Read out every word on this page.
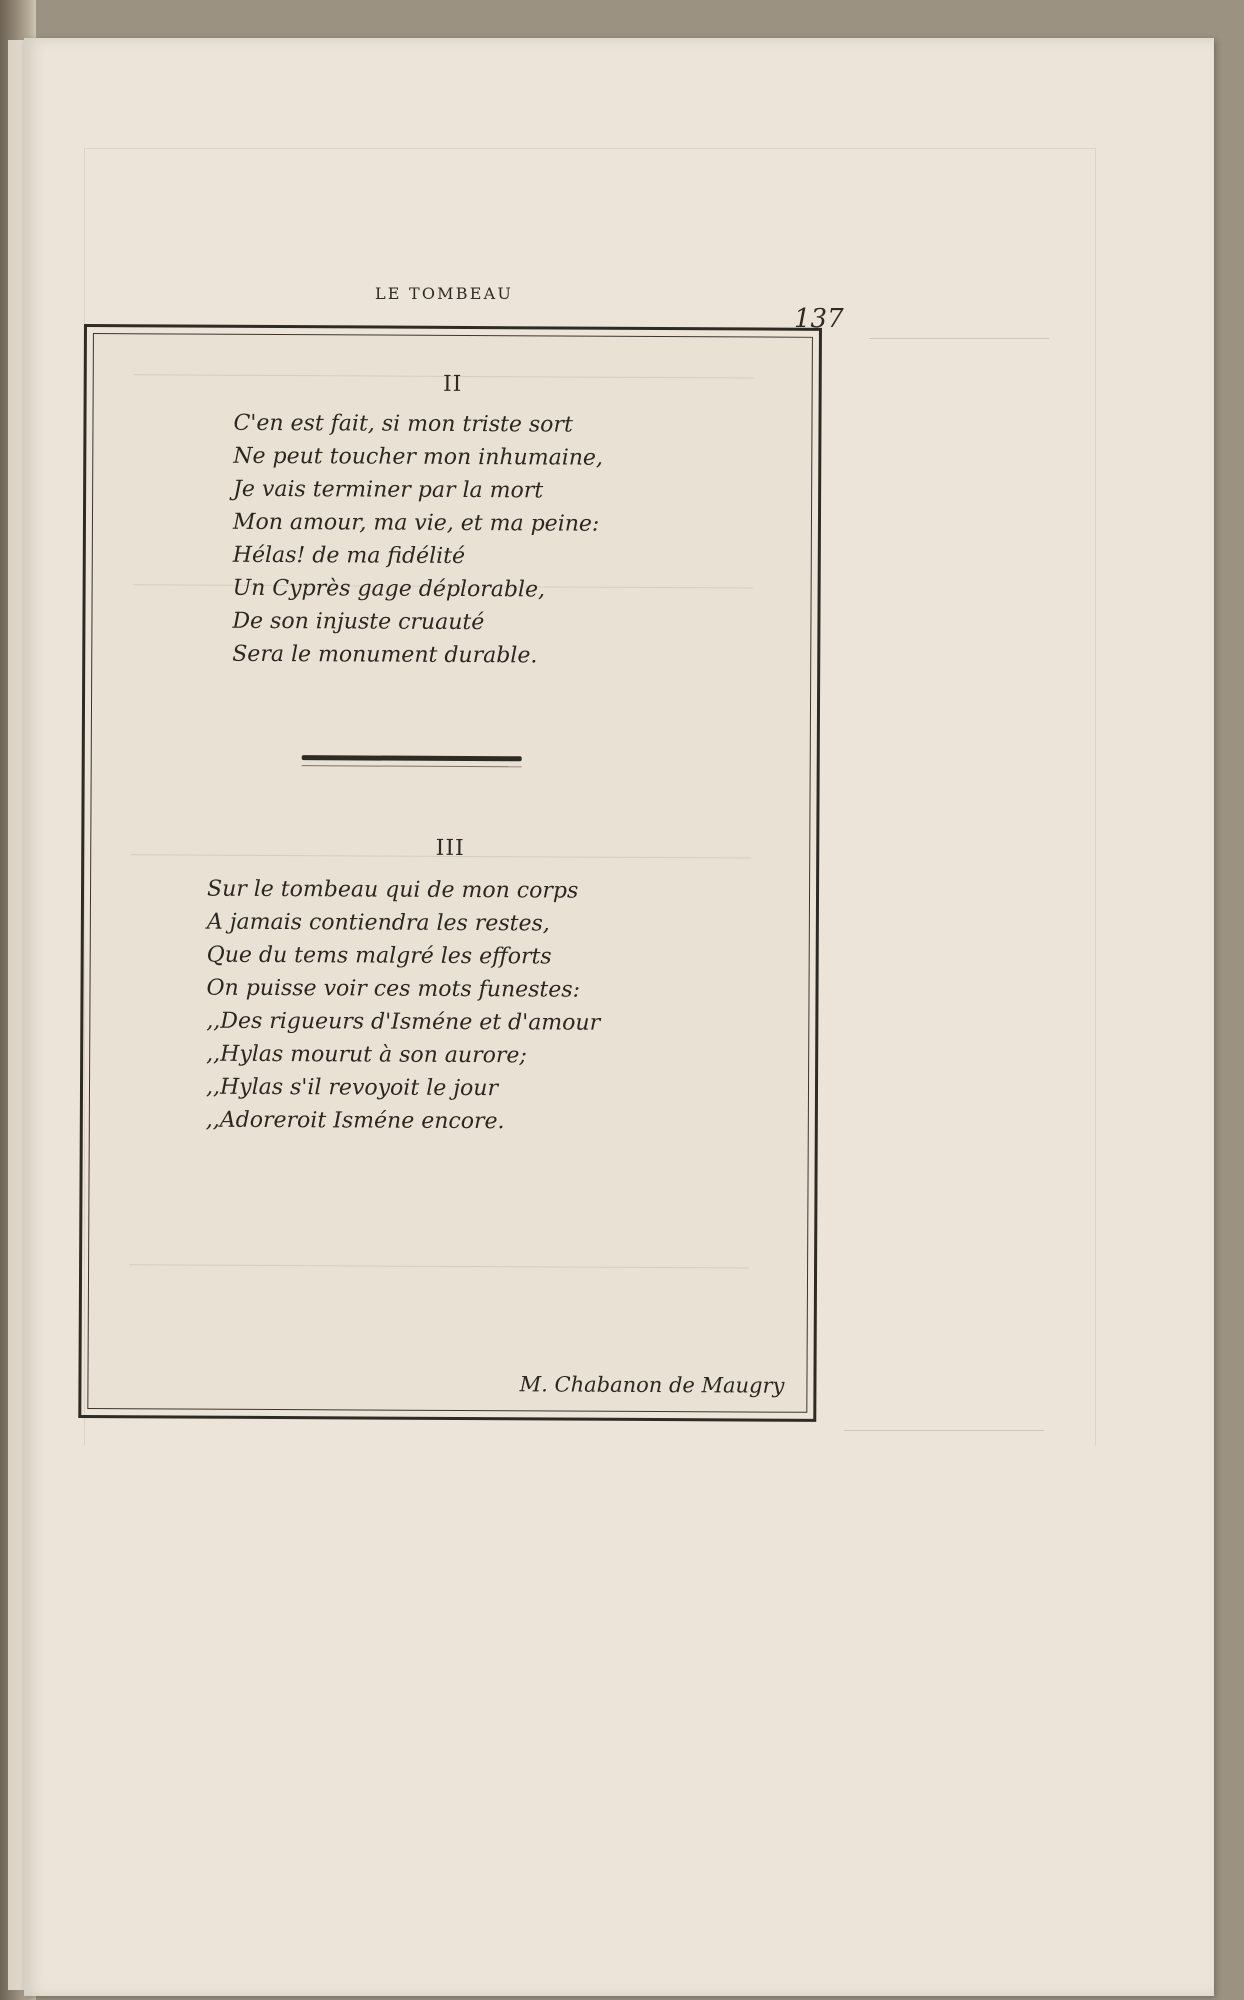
LE TOMBEAU
137
II
C'en est fait, si mon triste sort
Ne peut toucher mon inhumaine,
Je vais terminer par la mort
Mon amour, ma vie, et ma peine:
Hélas! de ma fidélité
Un Cyprès gage déplorable,
De son injuste cruauté
Sera le monument durable.
III
Sur le tombeau qui de mon corps
A jamais contiendra les restes,
Que du tems malgré les efforts
On puisse voir ces mots funestes:
,,Des rigueurs d'Isméne et d'amour
,,Hylas mourut à son aurore;
,,Hylas s'il revoyoit le jour
,,Adoreroit Isméne encore.
M. Chabanon de Maugry
